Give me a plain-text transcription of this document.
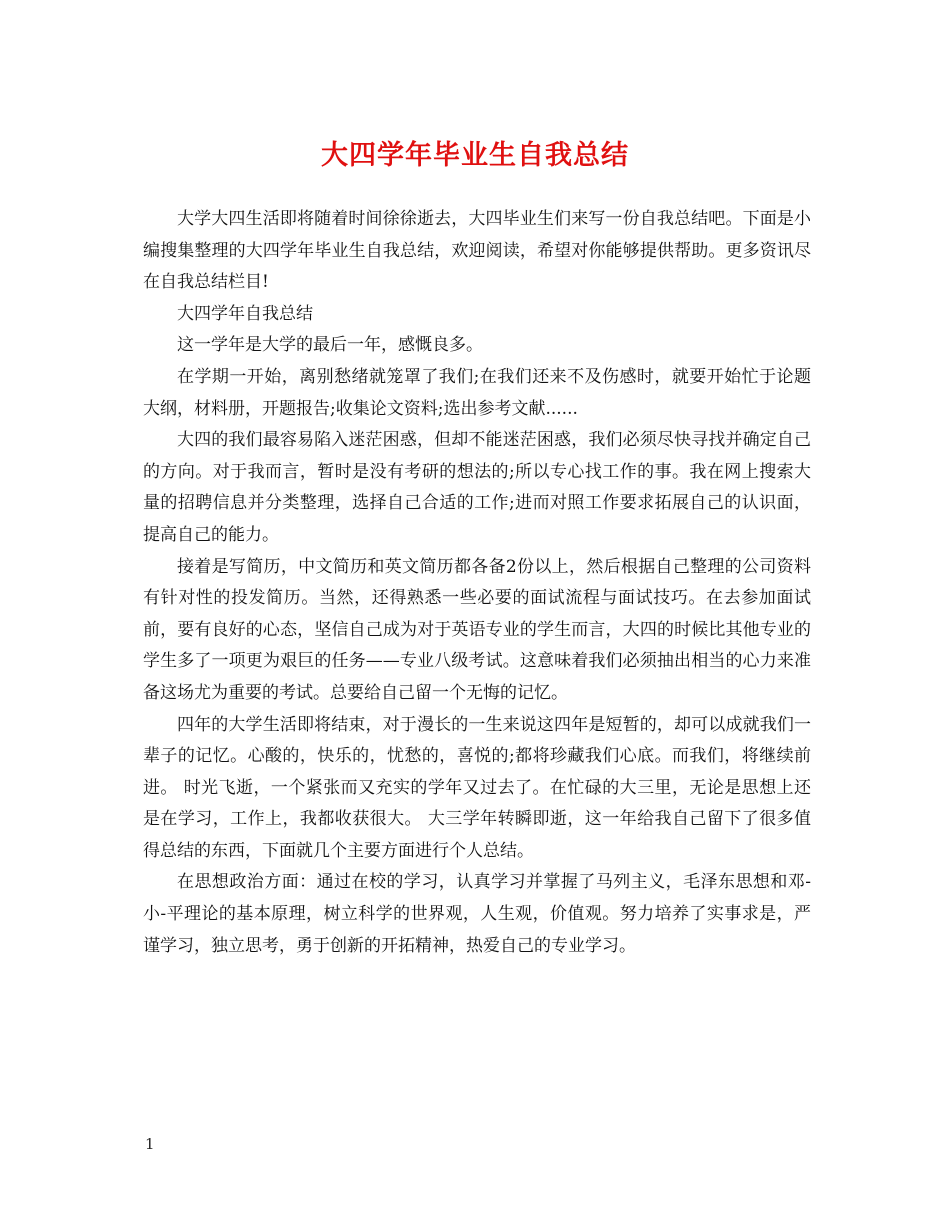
大四学年毕业生自我总结

大学大四生活即将随着时间徐徐逝去，大四毕业生们来写一份自我总结吧。下面是小编搜集整理的大四学年毕业生自我总结，欢迎阅读，希望对你能够提供帮助。更多资讯尽在自我总结栏目!

大四学年自我总结

这一学年是大学的最后一年，感慨良多。

在学期一开始，离别愁绪就笼罩了我们;在我们还来不及伤感时，就要开始忙于论题大纲，材料册，开题报告;收集论文资料;选出参考文献......

大四的我们最容易陷入迷茫困惑，但却不能迷茫困惑，我们必须尽快寻找并确定自己的方向。对于我而言，暂时是没有考研的想法的;所以专心找工作的事。我在网上搜索大量的招聘信息并分类整理，选择自己合适的工作;进而对照工作要求拓展自己的认识面，提高自己的能力。

接着是写简历，中文简历和英文简历都各备2份以上，然后根据自己整理的公司资料有针对性的投发简历。当然，还得熟悉一些必要的面试流程与面试技巧。在去参加面试前，要有良好的心态，坚信自己成为对于英语专业的学生而言，大四的时候比其他专业的学生多了一项更为艰巨的任务——专业八级考试。这意味着我们必须抽出相当的心力来准备这场尤为重要的考试。总要给自己留一个无悔的记忆。

四年的大学生活即将结束，对于漫长的一生来说这四年是短暂的，却可以成就我们一辈子的记忆。心酸的，快乐的，忧愁的，喜悦的;都将珍藏我们心底。而我们，将继续前进。 时光飞逝，一个紧张而又充实的学年又过去了。在忙碌的大三里，无论是思想上还是在学习，工作上，我都收获很大。 大三学年转瞬即逝，这一年给我自己留下了很多值得总结的东西，下面就几个主要方面进行个人总结。

在思想政治方面：通过在校的学习，认真学习并掌握了马列主义，毛泽东思想和邓-小-平理论的基本原理，树立科学的世界观，人生观，价值观。努力培养了实事求是，严谨学习，独立思考，勇于创新的开拓精神，热爱自己的专业学习。

1
